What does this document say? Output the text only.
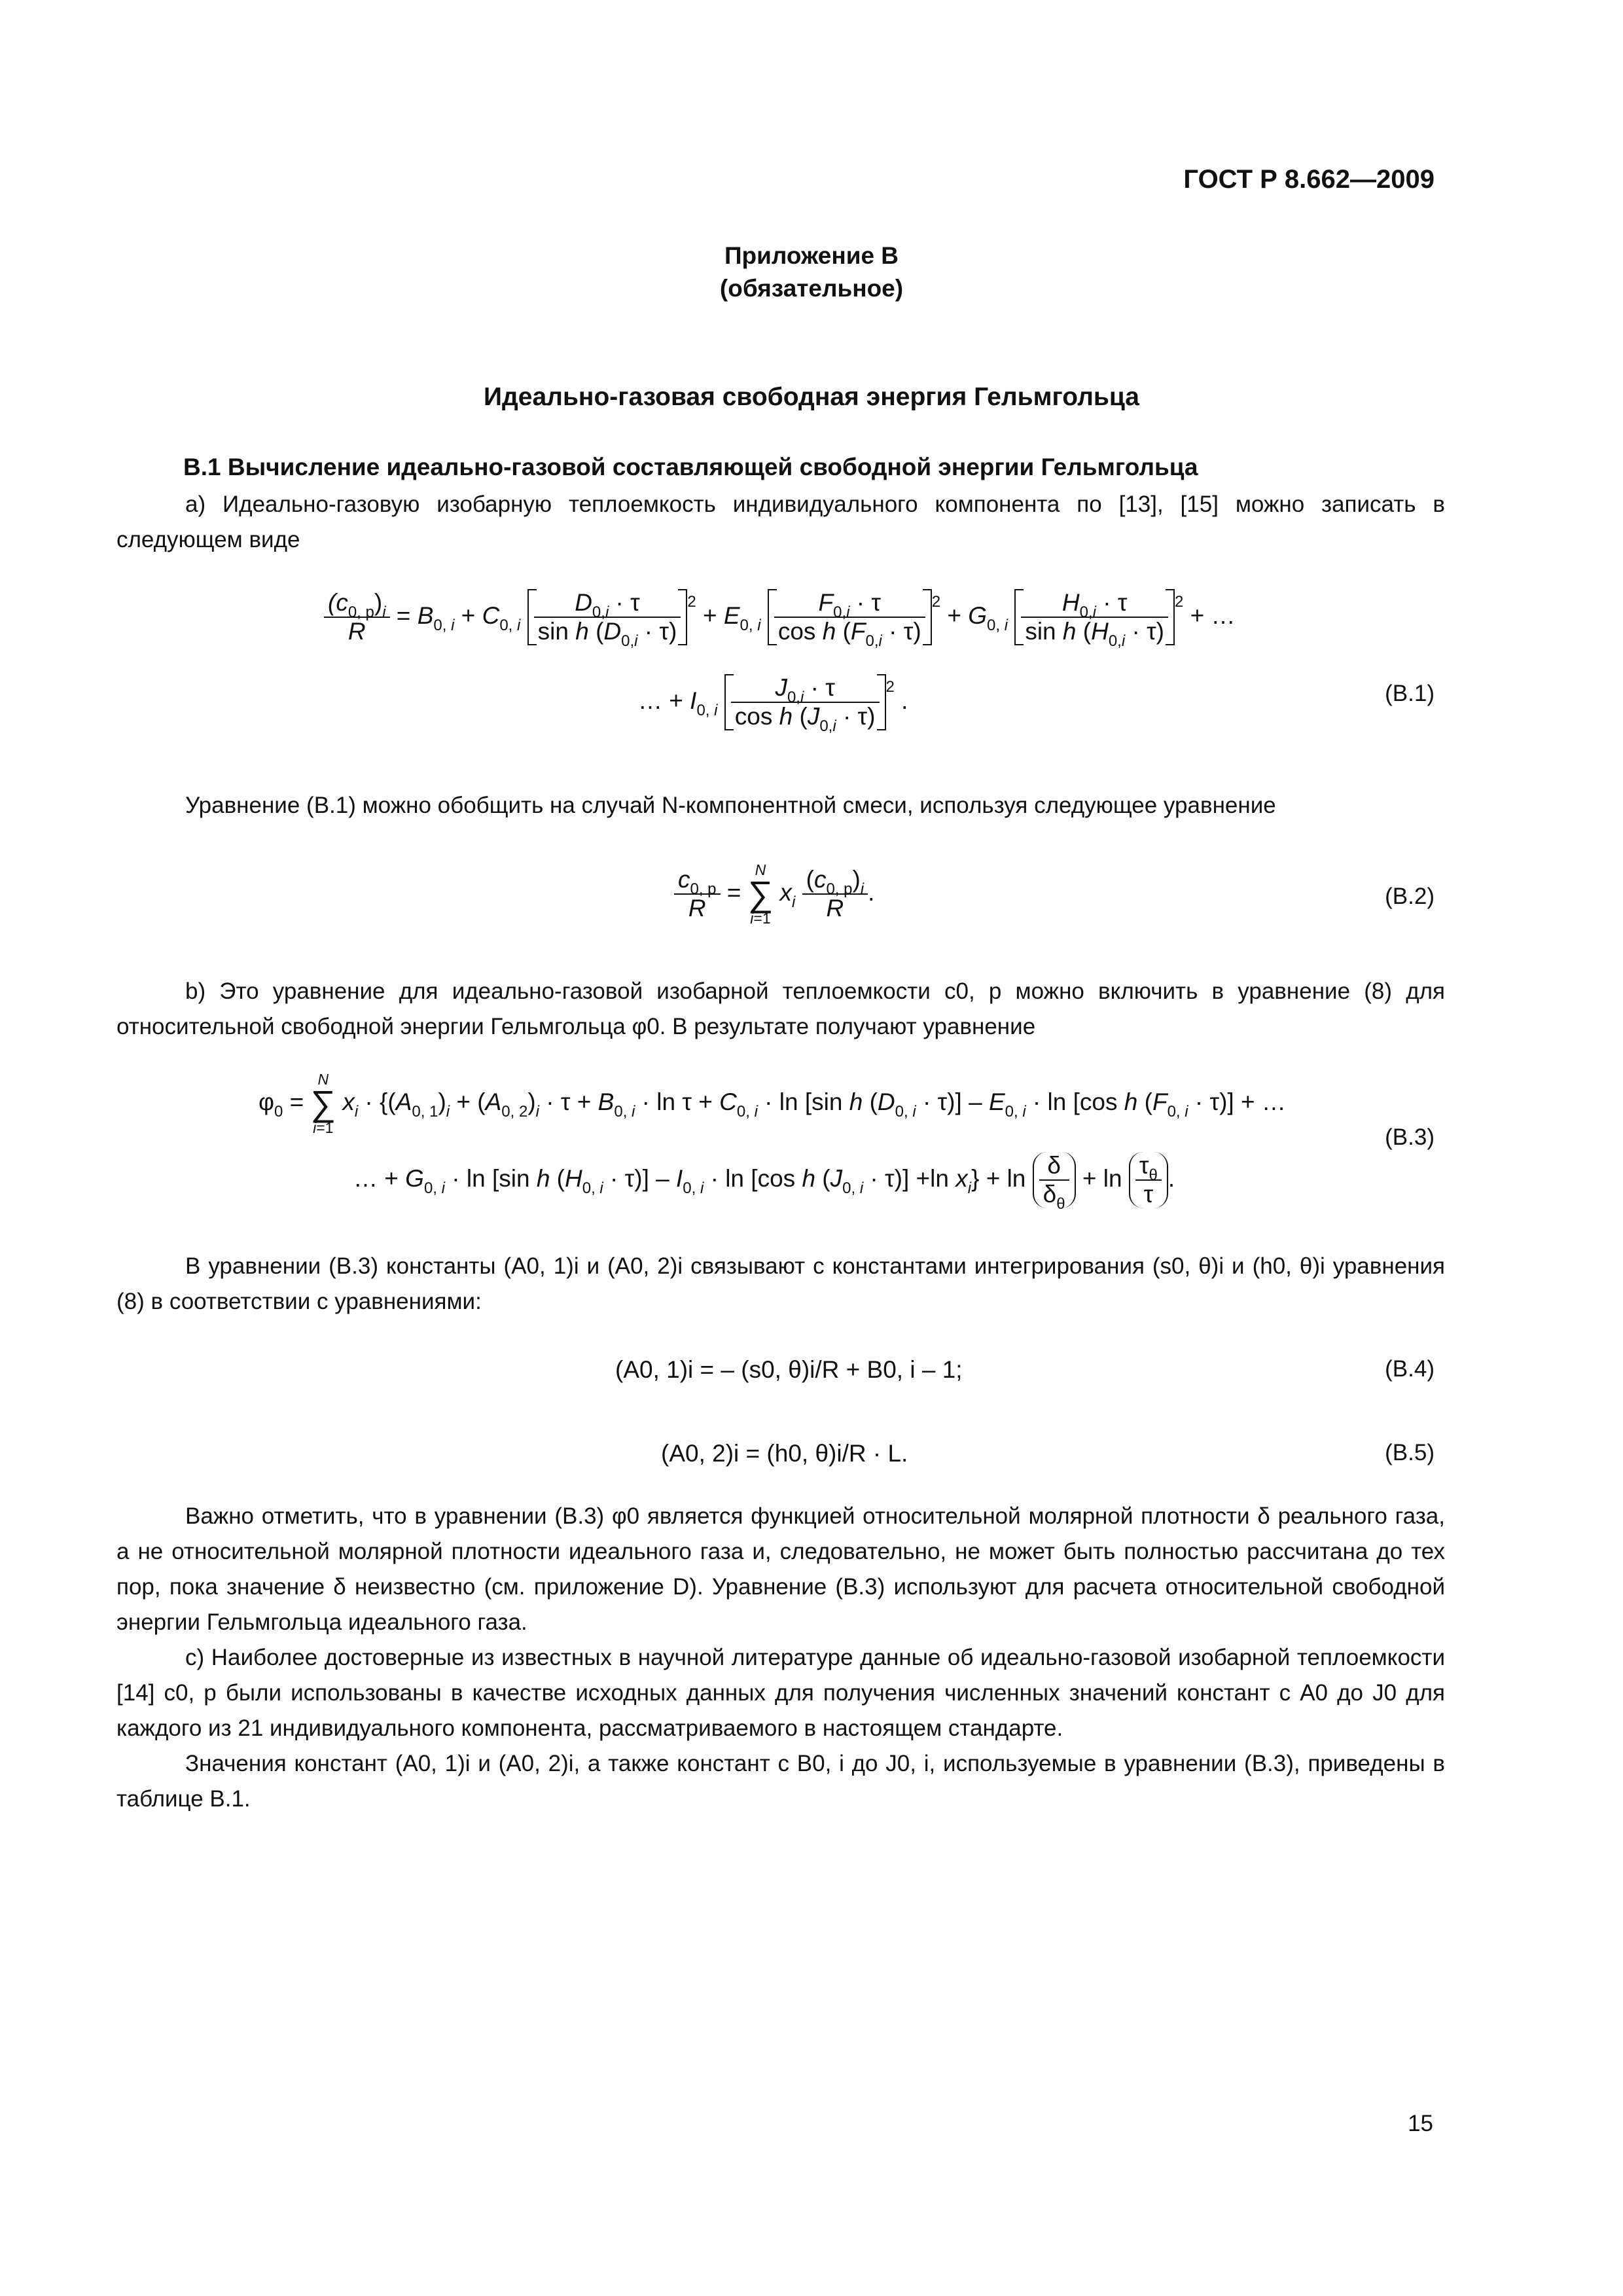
ГОСТ Р 8.662—2009
Приложение В
(обязательное)
Идеально-газовая свободная энергия Гельмгольца
В.1 Вычисление идеально-газовой составляющей свободной энергии Гельмгольца
а) Идеально-газовую изобарную теплоемкость индивидуального компонента по [13], [15] можно записать в следующем виде
$\frac{(c_{0, p})_i}{R} = B_{0, i} + C_{0, i} \frac{D_{0,i} \cdot \tau}{\sin h (D_{0,i} \cdot \tau)} ^2 + E_{0, i} \frac{F_{0,i} \cdot \tau}{\cos h (F_{0,i} \cdot \tau)} ^2 + G_{0, i} \frac{H_{0,i} \cdot \tau}{\sin h (H_{0,i} \cdot \tau)} ^2$ + …
… + $I_{0, i} \frac{J_{0,i} \cdot \tau}{\cos h (J_{0,i} \cdot \tau)} ^2$ .	(В.1)
Уравнение (В.1) можно обобщить на случай N-компонентной смеси, используя следующее уравнение
$\frac{c_{0, p}}{R}$ =
N
∑
i=1
$x_i \frac{(c_{0, p})_i}{R}$ .	(В.2)
b) Это уравнение для идеально-газовой изобарной теплоемкости c0, p можно включить в уравнение (8) для относительной свободной энергии Гельмгольца φ0. В результате получают уравнение
$\varphi_0$ =
N
∑
i=1
$x_i \cdot \{(A_{0, 1})_i + (A_{0, 2})_i \cdot \tau + B_{0, i} \cdot \ln \tau + C_{0, i} \cdot \ln [\sin$ h $(D_{0, i} \cdot \tau)] - E_{0, i} \cdot \ln [\cos$ h $(F_{0, i} \cdot \tau)$] + …
… + $G_{0, i} \cdot \ln [\sin$ h $(H_{0, i} \cdot \tau)] - I_{0, i} \cdot \ln [\cos$ h $(J_{0, i} \cdot \tau)] +\ln$ $x_i\} + \ln \frac{\delta}{\delta_\theta} + \ln \frac{\tau_\theta}{\tau}$ .
(В.3)
В уравнении (В.3) константы (A0, 1)i и (A0, 2)i связывают с константами интегрирования (s0, θ)i и (h0, θ)i уравнения (8) в соответствии с уравнениями:
(A0, 1)i = – (s0, θ)i/R + B0, i – 1;	(В.4)
(A0, 2)i = (h0, θ)i/R · L.	(В.5)
Важно отметить, что в уравнении (В.3) φ0 является функцией относительной молярной плотности δ реального газа, а не относительной молярной плотности идеального газа и, следовательно, не может быть полностью рассчитана до тех пор, пока значение δ неизвестно (см. приложение D). Уравнение (В.3) используют для расчета относительной свободной энергии Гельмгольца идеального газа.
с) Наиболее достоверные из известных в научной литературе данные об идеально-газовой изобарной теплоемкости [14] c0, p были использованы в качестве исходных данных для получения численных значений констант с A0 до J0 для каждого из 21 индивидуального компонента, рассматриваемого в настоящем стандарте.
Значения констант (A0, 1)i и (A0, 2)i, а также констант с B0, i до J0, i, используемые в уравнении (В.3), приведены в таблице В.1.
15
